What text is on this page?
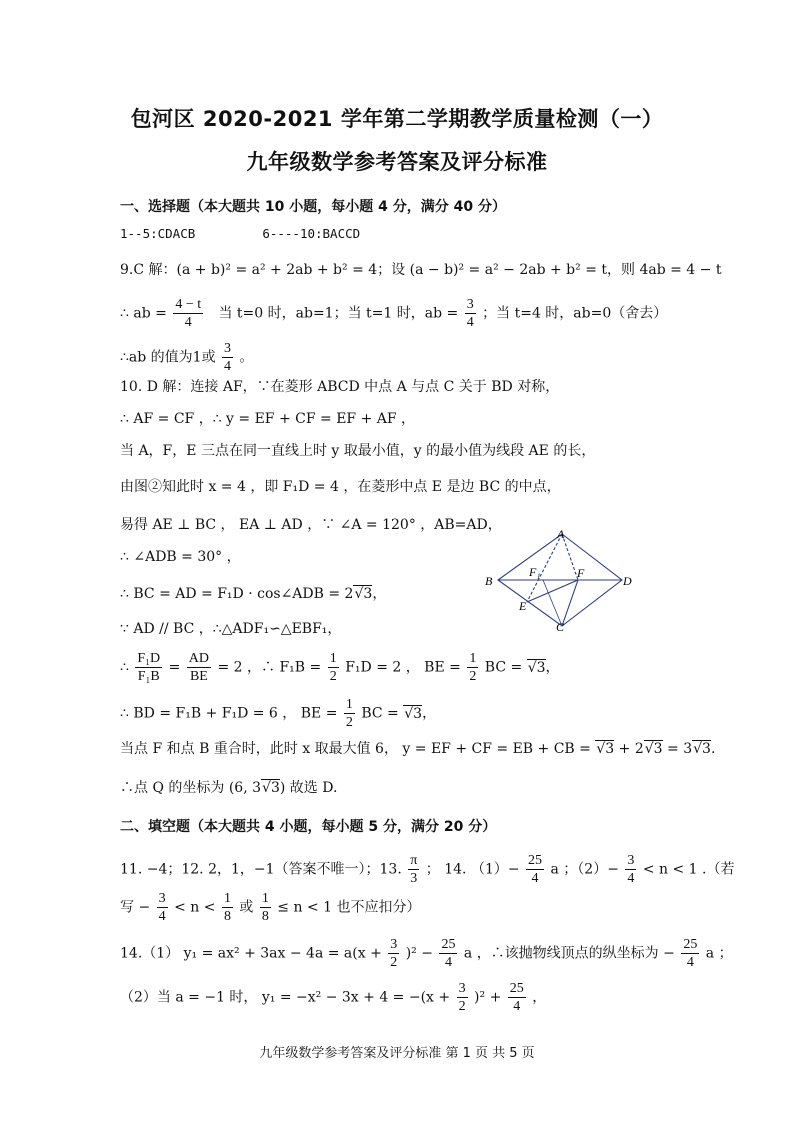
包河区 2020-2021 学年第二学期教学质量检测（一）
九年级数学参考答案及评分标准
一、选择题（本大题共 10 小题，每小题 4 分，满分 40 分）
1--5:CDACB	6----10:BACCD
9.C 解：(a + b)² = a² + 2ab + b² = 4；设 (a − b)² = a² − 2ab + b² = t，则 4ab = 4 − t
∴ ab = $\frac{4 - t}{4}$ 当 t=0 时，ab=1；当 t=1 时，ab = $\frac{3}{4}$ ；当 t=4 时，ab=0（舍去）
∴ab 的值为1或 $\frac{3}{4}$ 。
10. D 解：连接 AF，∵在菱形 ABCD 中点 A 与点 C 关于 BD 对称，
∴ AF = CF ，∴ y = EF + CF = EF + AF ，
当 A，F，E 三点在同一直线上时 y 取最小值，y 的最小值为线段 AE 的长，
由图②知此时 x = 4 ，即 F₁D = 4 ，在菱形中点 E 是边 BC 的中点，
易得 AE ⊥ BC ， EA ⊥ AD ，∵ ∠A = 120° ，AB=AD，
∴ ∠ADB = 30° ，
∴ BC = AD = F₁D · cos∠ADB = 2√3，
∵ AD // BC ，∴△ADF₁∽△EBF₁，
∴ $\frac{\text{F₁D}}{\text{F₁B}} = \frac{AD}{BE} = 2$ ，∴ $F_1B = \frac{1}{2} F_1D = 2$ ， BE = $\frac{1}{2}$ BC = √3，
∴ BD = F₁B + F₁D = 6 ， BE = $\frac{1}{2}$ BC = √3，
当点 F 和点 B 重合时，此时 x 取最大值 6， y = EF + CF = EB + CB = √3 + 2√3 = 3√3.
∴点 Q 的坐标为 (6, 3√3) 故选 D.
A
B	D
C
E
F
F₁
二、填空题（本大题共 4 小题，每小题 5 分，满分 20 分）
11. −4；12. 2，1，−1（答案不唯一）；13. $\frac{\pi}{3}$ ； 14. $(1)- \frac{25}{4}$ a ；$(2)- \frac{3}{4} < n < 1$ .（若
写 − $\frac{3}{4} < n < \frac{1}{8}$ 或 $\frac{1}{8} \le n < 1$ 也不应扣分）
14.（1） $y_1 = ax^2 + 3ax - 4a = a(x + \frac{3}{2} )^2 - \frac{25}{4}$ a ，∴该抛物线顶点的纵坐标为 − $\frac{25}{4}$ a ；
（2）当 a = −1 时， $y_1 = -x^2 - 3x + 4 = -(x + \frac{3}{2} )^2 + \frac{25}{4}$ ，
九年级数学参考答案及评分标准 第 1 页 共 5 页
